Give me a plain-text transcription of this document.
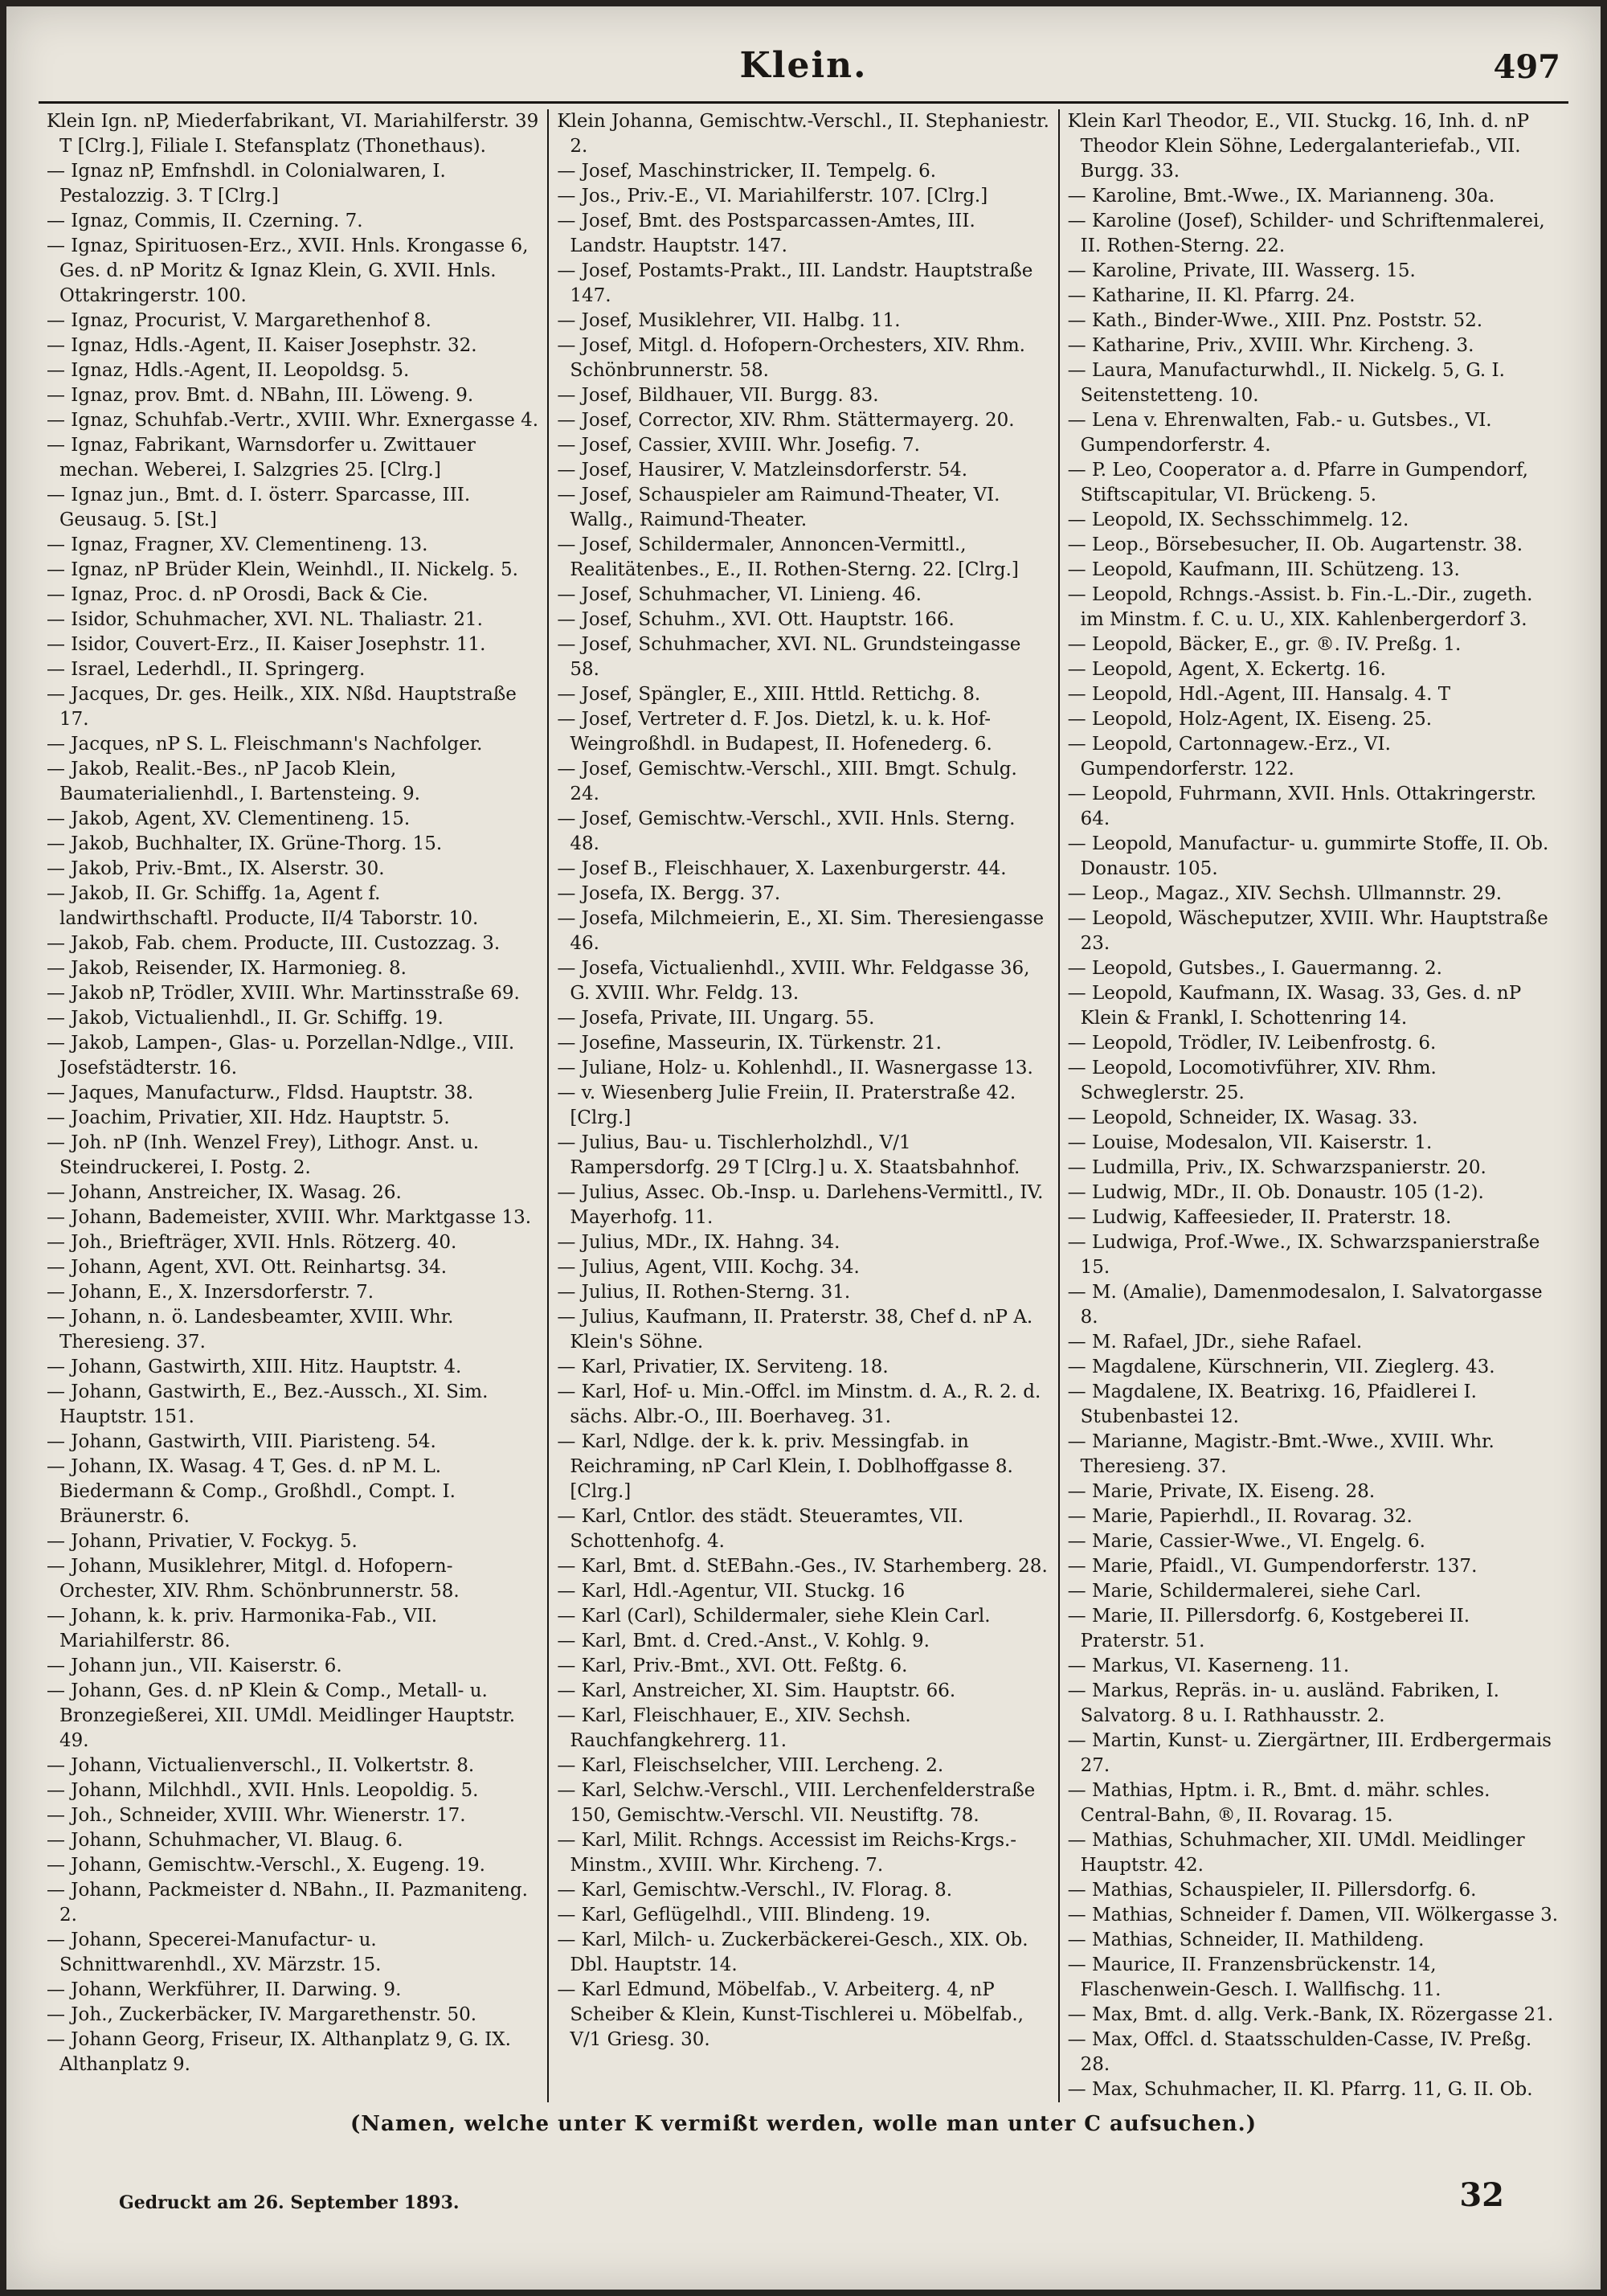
Klein.	497

Klein Ign. nP, Miederfabrikant, VI. Mariahilferstr. 39 T [Clrg.], Filiale I. Stefansplatz (Thonethaus).

— Ignaz nP, Emfnshdl. in Colonialwaren, I. Pestalozzig. 3. T [Clrg.]

— Ignaz, Commis, II. Czerning. 7.

— Ignaz, Spirituosen-Erz., XVII. Hnls. Krongasse 6, Ges. d. nP Moritz & Ignaz Klein, G. XVII. Hnls. Ottakringerstr. 100.

— Ignaz, Procurist, V. Margarethenhof 8.

— Ignaz, Hdls.-Agent, II. Kaiser Josephstr. 32.

— Ignaz, Hdls.-Agent, II. Leopoldsg. 5.

— Ignaz, prov. Bmt. d. NBahn, III. Löweng. 9.

— Ignaz, Schuhfab.-Vertr., XVIII. Whr. Exnergasse 4.

— Ignaz, Fabrikant, Warnsdorfer u. Zwittauer mechan. Weberei, I. Salzgries 25. [Clrg.]

— Ignaz jun., Bmt. d. I. österr. Sparcasse, III. Geusaug. 5. [St.]

— Ignaz, Fragner, XV. Clementineng. 13.

— Ignaz, nP Brüder Klein, Weinhdl., II. Nickelg. 5.

— Ignaz, Proc. d. nP Orosdi, Back & Cie.

— Isidor, Schuhmacher, XVI. NL. Thaliastr. 21.

— Isidor, Couvert-Erz., II. Kaiser Josephstr. 11.

— Israel, Lederhdl., II. Springerg.

— Jacques, Dr. ges. Heilk., XIX. Nßd. Hauptstraße 17.

— Jacques, nP S. L. Fleischmann's Nachfolger.

— Jakob, Realit.-Bes., nP Jacob Klein, Baumaterialienhdl., I. Bartensteing. 9.

— Jakob, Agent, XV. Clementineng. 15.

— Jakob, Buchhalter, IX. Grüne-Thorg. 15.

— Jakob, Priv.-Bmt., IX. Alserstr. 30.

— Jakob, II. Gr. Schiffg. 1a, Agent f. landwirthschaftl. Producte, II/4 Taborstr. 10.

— Jakob, Fab. chem. Producte, III. Custozzag. 3.

— Jakob, Reisender, IX. Harmonieg. 8.

— Jakob nP, Trödler, XVIII. Whr. Martinsstraße 69.

— Jakob, Victualienhdl., II. Gr. Schiffg. 19.

— Jakob, Lampen-, Glas- u. Porzellan-Ndlge., VIII. Josefstädterstr. 16.

— Jaques, Manufacturw., Fldsd. Hauptstr. 38.

— Joachim, Privatier, XII. Hdz. Hauptstr. 5.

— Joh. nP (Inh. Wenzel Frey), Lithogr. Anst. u. Steindruckerei, I. Postg. 2.

— Johann, Anstreicher, IX. Wasag. 26.

— Johann, Bademeister, XVIII. Whr. Marktgasse 13.

— Joh., Briefträger, XVII. Hnls. Rötzerg. 40.

— Johann, Agent, XVI. Ott. Reinhartsg. 34.

— Johann, E., X. Inzersdorferstr. 7.

— Johann, n. ö. Landesbeamter, XVIII. Whr. Theresieng. 37.

— Johann, Gastwirth, XIII. Hitz. Hauptstr. 4.

— Johann, Gastwirth, E., Bez.-Aussch., XI. Sim. Hauptstr. 151.

— Johann, Gastwirth, VIII. Piaristeng. 54.

— Johann, IX. Wasag. 4 T, Ges. d. nP M. L. Biedermann & Comp., Großhdl., Compt. I. Bräunerstr. 6.

— Johann, Privatier, V. Fockyg. 5.

— Johann, Musiklehrer, Mitgl. d. Hofopern-Orchester, XIV. Rhm. Schönbrunnerstr. 58.

— Johann, k. k. priv. Harmonika-Fab., VII. Mariahilferstr. 86.

— Johann jun., VII. Kaiserstr. 6.

— Johann, Ges. d. nP Klein & Comp., Metall- u. Bronzegießerei, XII. UMdl. Meidlinger Hauptstr. 49.

— Johann, Victualienverschl., II. Volkertstr. 8.

— Johann, Milchhdl., XVII. Hnls. Leopoldig. 5.

— Joh., Schneider, XVIII. Whr. Wienerstr. 17.

— Johann, Schuhmacher, VI. Blaug. 6.

— Johann, Gemischtw.-Verschl., X. Eugeng. 19.

— Johann, Packmeister d. NBahn., II. Pazmaniteng. 2.

— Johann, Specerei-Manufactur- u. Schnittwarenhdl., XV. Märzstr. 15.

— Johann, Werkführer, II. Darwing. 9.

— Joh., Zuckerbäcker, IV. Margarethenstr. 50.

— Johann Georg, Friseur, IX. Althanplatz 9, G. IX. Althanplatz 9.

Klein Johanna, Gemischtw.-Verschl., II. Stephaniestr. 2.

— Josef, Maschinstricker, II. Tempelg. 6.

— Jos., Priv.-E., VI. Mariahilferstr. 107. [Clrg.]

— Josef, Bmt. des Postsparcassen-Amtes, III. Landstr. Hauptstr. 147.

— Josef, Postamts-Prakt., III. Landstr. Hauptstraße 147.

— Josef, Musiklehrer, VII. Halbg. 11.

— Josef, Mitgl. d. Hofopern-Orchesters, XIV. Rhm. Schönbrunnerstr. 58.

— Josef, Bildhauer, VII. Burgg. 83.

— Josef, Corrector, XIV. Rhm. Stättermayerg. 20.

— Josef, Cassier, XVIII. Whr. Josefig. 7.

— Josef, Hausirer, V. Matzleinsdorferstr. 54.

— Josef, Schauspieler am Raimund-Theater, VI. Wallg., Raimund-Theater.

— Josef, Schildermaler, Annoncen-Vermittl., Realitätenbes., E., II. Rothen-Sterng. 22. [Clrg.]

— Josef, Schuhmacher, VI. Linieng. 46.

— Josef, Schuhm., XVI. Ott. Hauptstr. 166.

— Josef, Schuhmacher, XVI. NL. Grundsteingasse 58.

— Josef, Spängler, E., XIII. Httld. Rettichg. 8.

— Josef, Vertreter d. F. Jos. Dietzl, k. u. k. Hof-Weingroßhdl. in Budapest, II. Hofenederg. 6.

— Josef, Gemischtw.-Verschl., XIII. Bmgt. Schulg. 24.

— Josef, Gemischtw.-Verschl., XVII. Hnls. Sterng. 48.

— Josef B., Fleischhauer, X. Laxenburgerstr. 44.

— Josefa, IX. Bergg. 37.

— Josefa, Milchmeierin, E., XI. Sim. Theresiengasse 46.

— Josefa, Victualienhdl., XVIII. Whr. Feldgasse 36, G. XVIII. Whr. Feldg. 13.

— Josefa, Private, III. Ungarg. 55.

— Josefine, Masseurin, IX. Türkenstr. 21.

— Juliane, Holz- u. Kohlenhdl., II. Wasnergasse 13.

— v. Wiesenberg Julie Freiin, II. Praterstraße 42. [Clrg.]

— Julius, Bau- u. Tischlerholzhdl., V/1 Rampersdorfg. 29 T [Clrg.] u. X. Staatsbahnhof.

— Julius, Assec. Ob.-Insp. u. Darlehens-Vermittl., IV. Mayerhofg. 11.

— Julius, MDr., IX. Hahng. 34.

— Julius, Agent, VIII. Kochg. 34.

— Julius, II. Rothen-Sterng. 31.

— Julius, Kaufmann, II. Praterstr. 38, Chef d. nP A. Klein's Söhne.

— Karl, Privatier, IX. Serviteng. 18.

— Karl, Hof- u. Min.-Offcl. im Minstm. d. A., R. 2. d. sächs. Albr.-O., III. Boerhaveg. 31.

— Karl, Ndlge. der k. k. priv. Messingfab. in Reichraming, nP Carl Klein, I. Doblhoffgasse 8. [Clrg.]

— Karl, Cntlor. des städt. Steueramtes, VII. Schottenhofg. 4.

— Karl, Bmt. d. StEBahn.-Ges., IV. Starhemberg. 28.

— Karl, Hdl.-Agentur, VII. Stuckg. 16

— Karl (Carl), Schildermaler, siehe Klein Carl.

— Karl, Bmt. d. Cred.-Anst., V. Kohlg. 9.

— Karl, Priv.-Bmt., XVI. Ott. Feßtg. 6.

— Karl, Anstreicher, XI. Sim. Hauptstr. 66.

— Karl, Fleischhauer, E., XIV. Sechsh. Rauchfangkehrerg. 11.

— Karl, Fleischselcher, VIII. Lercheng. 2.

— Karl, Selchw.-Verschl., VIII. Lerchenfelderstraße 150, Gemischtw.-Verschl. VII. Neustiftg. 78.

— Karl, Milit. Rchngs. Accessist im Reichs-Krgs.-Minstm., XVIII. Whr. Kircheng. 7.

— Karl, Gemischtw.-Verschl., IV. Florag. 8.

— Karl, Geflügelhdl., VIII. Blindeng. 19.

— Karl, Milch- u. Zuckerbäckerei-Gesch., XIX. Ob. Dbl. Hauptstr. 14.

— Karl Edmund, Möbelfab., V. Arbeiterg. 4, nP Scheiber & Klein, Kunst-Tischlerei u. Möbelfab., V/1 Griesg. 30.

Klein Karl Theodor, E., VII. Stuckg. 16, Inh. d. nP Theodor Klein Söhne, Ledergalanteriefab., VII. Burgg. 33.

— Karoline, Bmt.-Wwe., IX. Marianneng. 30a.

— Karoline (Josef), Schilder- und Schriftenmalerei, II. Rothen-Sterng. 22.

— Karoline, Private, III. Wasserg. 15.

— Katharine, II. Kl. Pfarrg. 24.

— Kath., Binder-Wwe., XIII. Pnz. Poststr. 52.

— Katharine, Priv., XVIII. Whr. Kircheng. 3.

— Laura, Manufacturwhdl., II. Nickelg. 5, G. I. Seitenstetteng. 10.

— Lena v. Ehrenwalten, Fab.- u. Gutsbes., VI. Gumpendorferstr. 4.

— P. Leo, Cooperator a. d. Pfarre in Gumpendorf, Stiftscapitular, VI. Brückeng. 5.

— Leopold, IX. Sechsschimmelg. 12.

— Leop., Börsebesucher, II. Ob. Augartenstr. 38.

— Leopold, Kaufmann, III. Schützeng. 13.

— Leopold, Rchngs.-Assist. b. Fin.-L.-Dir., zugeth. im Minstm. f. C. u. U., XIX. Kahlenbergerdorf 3.

— Leopold, Bäcker, E., gr. ®. IV. Preßg. 1.

— Leopold, Agent, X. Eckertg. 16.

— Leopold, Hdl.-Agent, III. Hansalg. 4. T

— Leopold, Holz-Agent, IX. Eiseng. 25.

— Leopold, Cartonnagew.-Erz., VI. Gumpendorferstr. 122.

— Leopold, Fuhrmann, XVII. Hnls. Ottakringerstr. 64.

— Leopold, Manufactur- u. gummirte Stoffe, II. Ob. Donaustr. 105.

— Leop., Magaz., XIV. Sechsh. Ullmannstr. 29.

— Leopold, Wäscheputzer, XVIII. Whr. Hauptstraße 23.

— Leopold, Gutsbes., I. Gauermanng. 2.

— Leopold, Kaufmann, IX. Wasag. 33, Ges. d. nP Klein & Frankl, I. Schottenring 14.

— Leopold, Trödler, IV. Leibenfrostg. 6.

— Leopold, Locomotivführer, XIV. Rhm. Schweglerstr. 25.

— Leopold, Schneider, IX. Wasag. 33.

— Louise, Modesalon, VII. Kaiserstr. 1.

— Ludmilla, Priv., IX. Schwarzspanierstr. 20.

— Ludwig, MDr., II. Ob. Donaustr. 105 (1-2).

— Ludwig, Kaffeesieder, II. Praterstr. 18.

— Ludwiga, Prof.-Wwe., IX. Schwarzspanierstraße 15.

— M. (Amalie), Damenmodesalon, I. Salvatorgasse 8.

— M. Rafael, JDr., siehe Rafael.

— Magdalene, Kürschnerin, VII. Zieglerg. 43.

— Magdalene, IX. Beatrixg. 16, Pfaidlerei I. Stubenbastei 12.

— Marianne, Magistr.-Bmt.-Wwe., XVIII. Whr. Theresieng. 37.

— Marie, Private, IX. Eiseng. 28.

— Marie, Papierhdl., II. Rovarag. 32.

— Marie, Cassier-Wwe., VI. Engelg. 6.

— Marie, Pfaidl., VI. Gumpendorferstr. 137.

— Marie, Schildermalerei, siehe Carl.

— Marie, II. Pillersdorfg. 6, Kostgeberei II. Praterstr. 51.

— Markus, VI. Kaserneng. 11.

— Markus, Repräs. in- u. ausländ. Fabriken, I. Salvatorg. 8 u. I. Rathhausstr. 2.

— Martin, Kunst- u. Ziergärtner, III. Erdbergermais 27.

— Mathias, Hptm. i. R., Bmt. d. mähr. schles. Central-Bahn, ®, II. Rovarag. 15.

— Mathias, Schuhmacher, XII. UMdl. Meidlinger Hauptstr. 42.

— Mathias, Schauspieler, II. Pillersdorfg. 6.

— Mathias, Schneider f. Damen, VII. Wölkergasse 3.

— Mathias, Schneider, II. Mathildeng.

— Maurice, II. Franzensbrückenstr. 14, Flaschenwein-Gesch. I. Wallfischg. 11.

— Max, Bmt. d. allg. Verk.-Bank, IX. Rözergasse 21.

— Max, Offcl. d. Staatsschulden-Casse, IV. Preßg. 28.

— Max, Schuhmacher, II. Kl. Pfarrg. 11, G. II. Ob.

(Namen, welche unter K vermißt werden, wolle man unter C aufsuchen.)
Gedruckt am 26. September 1893.	32
